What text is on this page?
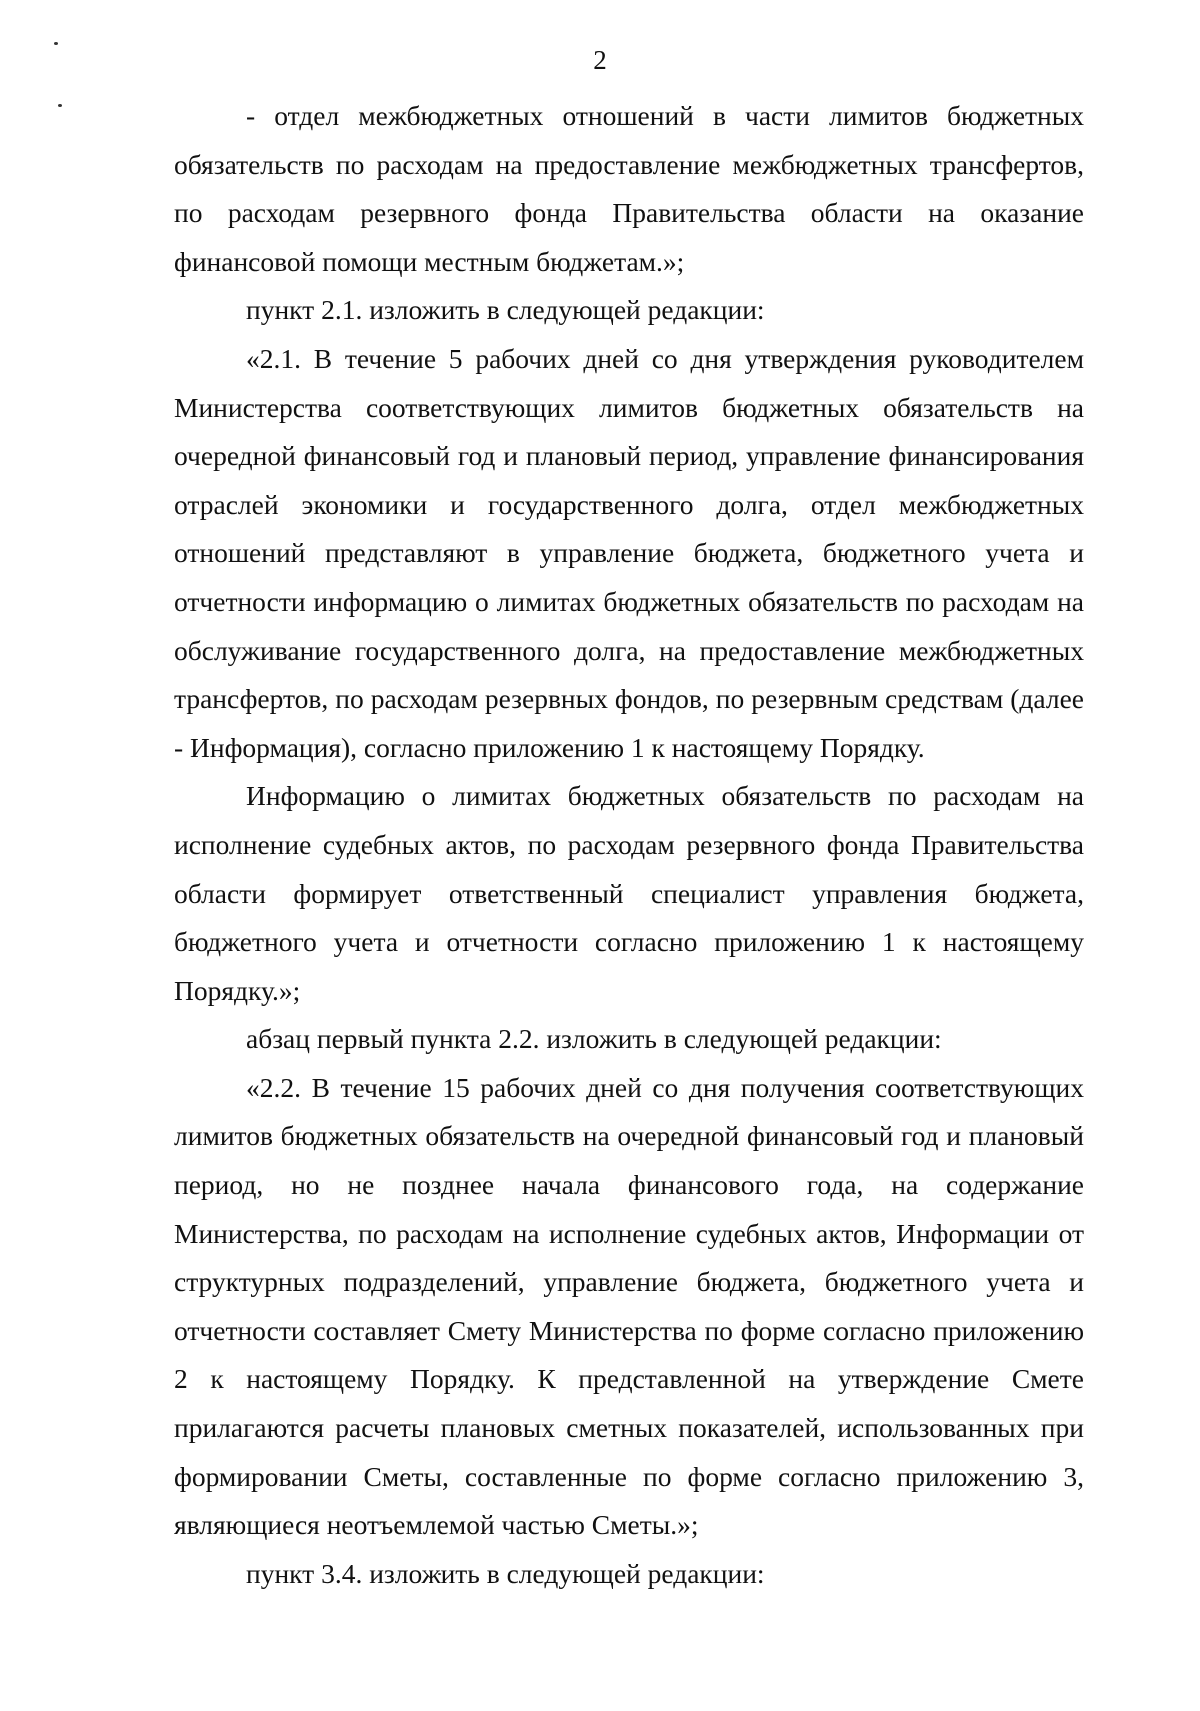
2

- отдел межбюджетных отношений в части лимитов бюджетных обязательств по расходам на предоставление межбюджетных трансфертов, по расходам резервного фонда Правительства области на оказание финансовой помощи местным бюджетам.»;

пункт 2.1. изложить в следующей редакции:

«2.1. В течение 5 рабочих дней со дня утверждения руководителем Министерства соответствующих лимитов бюджетных обязательств на очередной финансовый год и плановый период, управление финансирования отраслей экономики и государственного долга, отдел межбюджетных отношений представляют в управление бюджета, бюджетного учета и отчетности информацию о лимитах бюджетных обязательств по расходам на обслуживание государственного долга, на предоставление межбюджетных трансфертов, по расходам резервных фондов, по резервным средствам (далее - Информация), согласно приложению 1 к настоящему Порядку.

Информацию о лимитах бюджетных обязательств по расходам на исполнение судебных актов, по расходам резервного фонда Правительства области формирует ответственный специалист управления бюджета, бюджетного учета и отчетности согласно приложению 1 к настоящему Порядку.»;

абзац первый пункта 2.2. изложить в следующей редакции:

«2.2. В течение 15 рабочих дней со дня получения соответствующих лимитов бюджетных обязательств на очередной финансовый год и плановый период, но не позднее начала финансового года, на содержание Министерства, по расходам на исполнение судебных актов, Информации от структурных подразделений, управление бюджета, бюджетного учета и отчетности составляет Смету Министерства по форме согласно приложению 2 к настоящему Порядку. К представленной на утверждение Смете прилагаются расчеты плановых сметных показателей, использованных при формировании Сметы, составленные по форме согласно приложению 3, являющиеся неотъемлемой частью Сметы.»;

пункт 3.4. изложить в следующей редакции:
